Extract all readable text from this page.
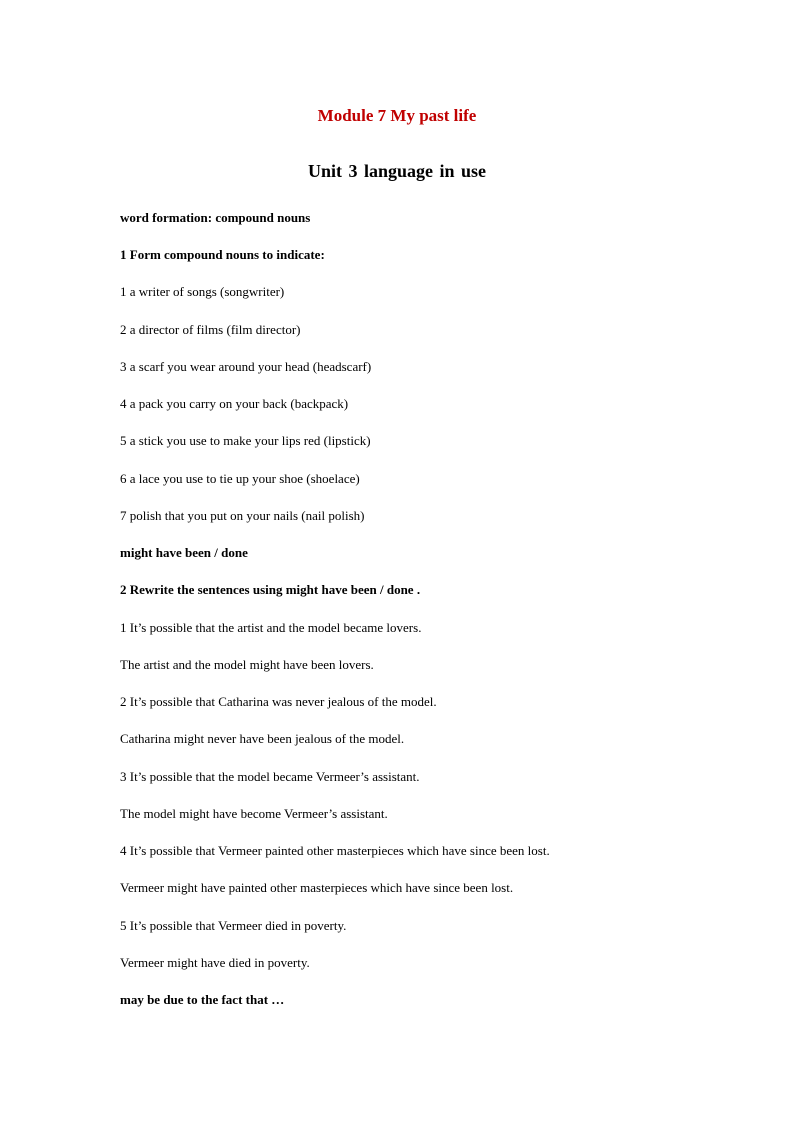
Module 7 My past life
Unit 3 language in use
word formation: compound nouns
1 Form compound nouns to indicate:
1 a writer of songs (songwriter)
2 a director of films (film director)
3 a scarf you wear around your head (headscarf)
4 a pack you carry on your back (backpack)
5 a stick you use to make your lips red (lipstick)
6 a lace you use to tie up your shoe (shoelace)
7 polish that you put on your nails (nail polish)
might have been / done
2 Rewrite the sentences using might have been / done .
1 It’s possible that the artist and the model became lovers.
The artist and the model might have been lovers.
2 It’s possible that Catharina was never jealous of the model.
Catharina might never have been jealous of the model.
3 It’s possible that the model became Vermeer’s assistant.
The model might have become Vermeer’s assistant.
4 It’s possible that Vermeer painted other masterpieces which have since been lost.
Vermeer might have painted other masterpieces which have since been lost.
5 It’s possible that Vermeer died in poverty.
Vermeer might have died in poverty.
may be due to the fact that …
